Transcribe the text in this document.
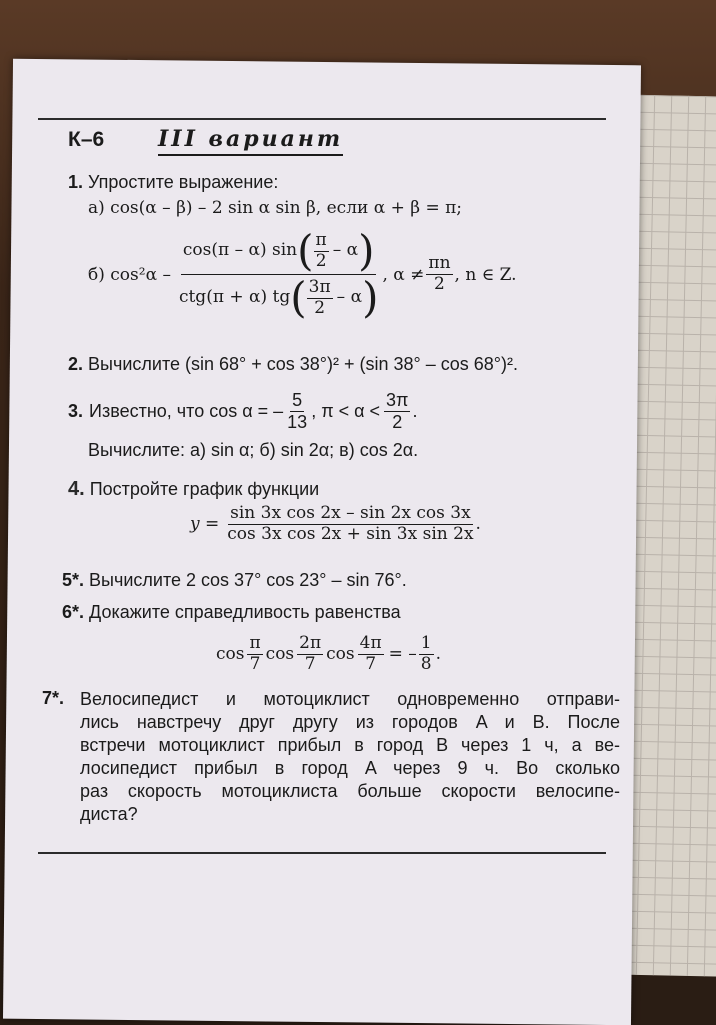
К–6 III вариант
1. Упростите выражение:
а) cos(α – β) – 2 sin α sin β, если α + β = π;
б) cos²α –
cos(π – α) sin ( $\frac{\pi}{2}$ – α )
ctg(π + α) tg ( $\frac{3\pi}{2}$ – α ) , $\alpha \ne \frac{\pi n}{2}$ , n ∈ Z.
2. Вычислите (sin 68° + cos 38°)² + (sin 38° – cos 68°)².
3. Известно, что cos α = – $\frac{5}{13}$ , $\pi < \alpha < \frac{3\pi}{2}$ .
Вычислите: а) sin α; б) sin 2α; в) cos 2α.
4. Постройте график функции
$y = \frac{\text{sin 3x cos 2x – sin 2x cos 3x}}{\text{cos 3x cos 2x + sin 3x sin 2x}}$ .
5*. Вычислите 2 cos 37° cos 23° – sin 76°.
6*. Докажите справедливость равенства
$\cos \frac{\pi}{7}$ $\cos \frac{2\pi}{7}$ $\cos \frac{4\pi}{7}$ = – $\frac{1}{8}$ .
7*. Велосипедист и мотоциклист одновременно отправи-
лись навстречу друг другу из городов A и B. После
встречи мотоциклист прибыл в город B через 1 ч, а ве-
лосипедист прибыл в город A через 9 ч. Во сколько
раз скорость мотоциклиста больше скорости велосипе-
диста?
